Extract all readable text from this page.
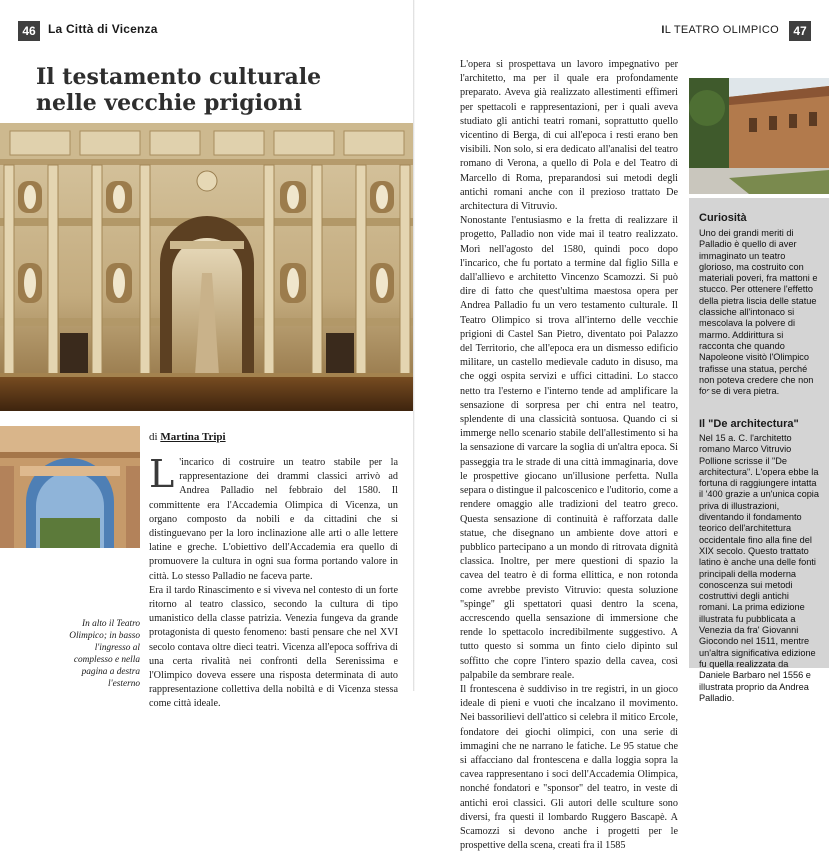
46	La Città di Vicenza
Il testamento culturale
nelle vecchie prigioni
In alto il Teatro Olimpico; in basso l'ingresso al complesso e nella pagina a destra l'esterno
di Martina Tripi
L 'incarico di costruire un teatro stabile per la rappresentazione dei drammi classici arrivò ad Andrea Palladio nel febbraio del 1580. Il committente era l'Accademia Olimpica di Vicenza, un organo composto da nobili e da cittadini che si distinguevano per la loro inclinazione alle arti o alle lettere latine e greche. L'obiettivo dell'Accademia era quello di promuovere la cultura in ogni sua forma portando valore in città. Lo stesso Palladio ne faceva parte.

Era il tardo Rinascimento e si viveva nel contesto di un forte ritorno al teatro classico, secondo la cultura di tipo umanistico della classe patrizia. Venezia fungeva da grande protagonista di questo fenomeno: basti pensare che nel XVI secolo contava oltre dieci teatri. Vicenza all'epoca soffriva di una certa rivalità nei confronti della Serenissima e l'Olimpico doveva essere una risposta determinata di auto rappresentazione collettiva della nobiltà e di Vicenza stessa come città ideale.

IL TEATRO OLIMPICO	47

L'opera si prospettava un lavoro impegnativo per l'architetto, ma per il quale era profondamente preparato. Aveva già realizzato allestimenti effimeri per spettacoli e rappresentazioni, per i quali aveva studiato gli antichi teatri romani, soprattutto quello vicentino di Berga, di cui all'epoca i resti erano ben visibili. Non solo, si era dedicato all'analisi del teatro romano di Verona, a quello di Pola e del Teatro di Marcello di Roma, preparandosi sui metodi degli antichi romani anche con il prezioso trattato De architectura di Vitruvio.

Nonostante l'entusiasmo e la fretta di realizzare il progetto, Palladio non vide mai il teatro realizzato. Morì nell'agosto del 1580, quindi poco dopo l'incarico, che fu portato a termine dal figlio Silla e dall'allievo e architetto Vincenzo Scamozzi. Si può dire di fatto che quest'ultima maestosa opera per Andrea Palladio fu un vero testamento culturale. Il Teatro Olimpico si trova all'interno delle vecchie prigioni di Castel San Pietro, diventato poi Palazzo del Territorio, che all'epoca era un dismesso edificio militare, un castello medievale caduto in disuso, ma che oggi ospita servizi e uffici cittadini. Lo stacco netto tra l'esterno e l'interno tende ad amplificare la sensazione di sorpresa per chi entra nel teatro, splendente di una classicità sontuosa. Quando ci si immerge nello scenario stabile dell'allestimento si ha la sensazione di varcare la soglia di un'altra epoca. Si passeggia tra le strade di una città immaginaria, dove le prospettive giocano un'illusione perfetta. Nulla separa o distingue il palcoscenico e l'uditorio, come a rendere omaggio alle tradizioni del teatro greco. Questa sensazione di continuità è rafforzata dalle statue, che disegnano un ambiente dove attori e pubblico partecipano a un mondo di ritrovata dignità classica. Inoltre, per mere questioni di spazio la cavea del teatro è di forma ellittica, e non rotonda come avrebbe previsto Vitruvio: questa soluzione "spinge" gli spettatori quasi dentro la scena, accrescendo quella sensazione di immersione che rende lo spettacolo incredibilmente suggestivo. A tutto questo si somma un finto cielo dipinto sul soffitto che copre l'intero spazio della cavea, così palpabile da sembrare reale.

Il frontescena è suddiviso in tre registri, in un gioco ideale di pieni e vuoti che incalzano il movimento. Nei bassorilievi dell'attico si celebra il mitico Ercole, fondatore dei giochi olimpici, con una serie di immagini che ne narrano le fatiche. Le 95 statue che si affacciano dal frontescena e dalla loggia sopra la cavea rappresentano i soci dell'Accademia Olimpica, nonché fondatori e "sponsor" del teatro, in veste di antichi eroi classici. Gli autori delle sculture sono diversi, fra questi il lombardo Ruggero Bascapè. A Scamozzi si devono anche i progetti per le prospettive della scena, creati fra il 1585

Curiosità
Uno dei grandi meriti di Palladio è quello di aver immaginato un teatro glorioso, ma costruito con materiali poveri, fra mattoni e stucco. Per ottenere l'effetto della pietra liscia delle statue classiche all'intonaco si mescolava la polvere di marmo. Addirittura si racconta che quando Napoleone visitò l'Olimpico trafisse una statua, perché non poteva credere che non fosse di vera pietra.
Il "De architectura"
Nel 15 a. C. l'architetto romano Marco Vitruvio Pollione scrisse il "De architectura". L'opera ebbe la fortuna di raggiungere intatta il '400 grazie a un'unica copia priva di illustrazioni, diventando il fondamento teorico dell'architettura occidentale fino alla fine del XIX secolo. Questo trattato latino è anche una delle fonti principali della moderna conoscenza sui metodi costruttivi degli antichi romani. La prima edizione illustrata fu pubblicata a Venezia da fra' Giovanni Giocondo nel 1511, mentre un'altra significativa edizione fu quella realizzata da Daniele Barbaro nel 1556 e illustrata proprio da Andrea Palladio.
